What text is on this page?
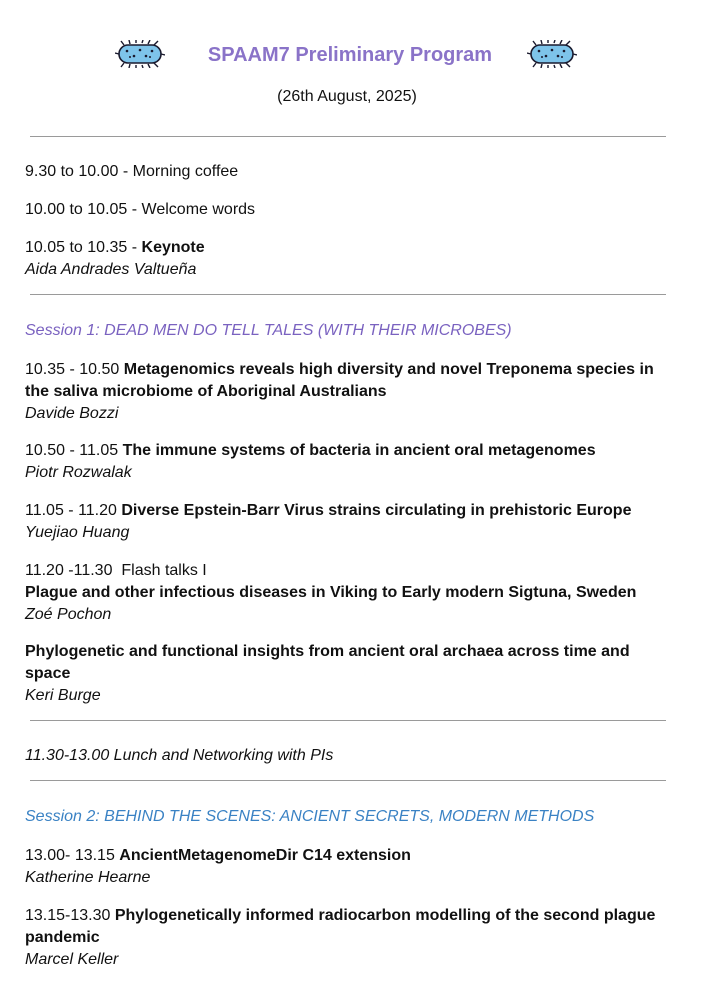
SPAAM7 Preliminary Program
(26th August, 2025)
9.30 to 10.00 - Morning coffee
10.00 to 10.05 - Welcome words
10.05 to 10.35 - Keynote
Aida Andrades Valtueña
Session 1: DEAD MEN DO TELL TALES (WITH THEIR MICROBES)
10.35 - 10.50 Metagenomics reveals high diversity and novel Treponema species in the saliva microbiome of Aboriginal Australians
Davide Bozzi
10.50 - 11.05 The immune systems of bacteria in ancient oral metagenomes
Piotr Rozwalak
11.05 - 11.20 Diverse Epstein-Barr Virus strains circulating in prehistoric Europe
Yuejiao Huang
11.20 -11.30  Flash talks I
Plague and other infectious diseases in Viking to Early modern Sigtuna, Sweden
Zoé Pochon
Phylogenetic and functional insights from ancient oral archaea across time and space
Keri Burge
11.30-13.00 Lunch and Networking with PIs
Session 2: BEHIND THE SCENES: ANCIENT SECRETS, MODERN METHODS
13.00- 13.15 AncientMetagenomeDir C14 extension
Katherine Hearne
13.15-13.30 Phylogenetically informed radiocarbon modelling of the second plague pandemic
Marcel Keller
